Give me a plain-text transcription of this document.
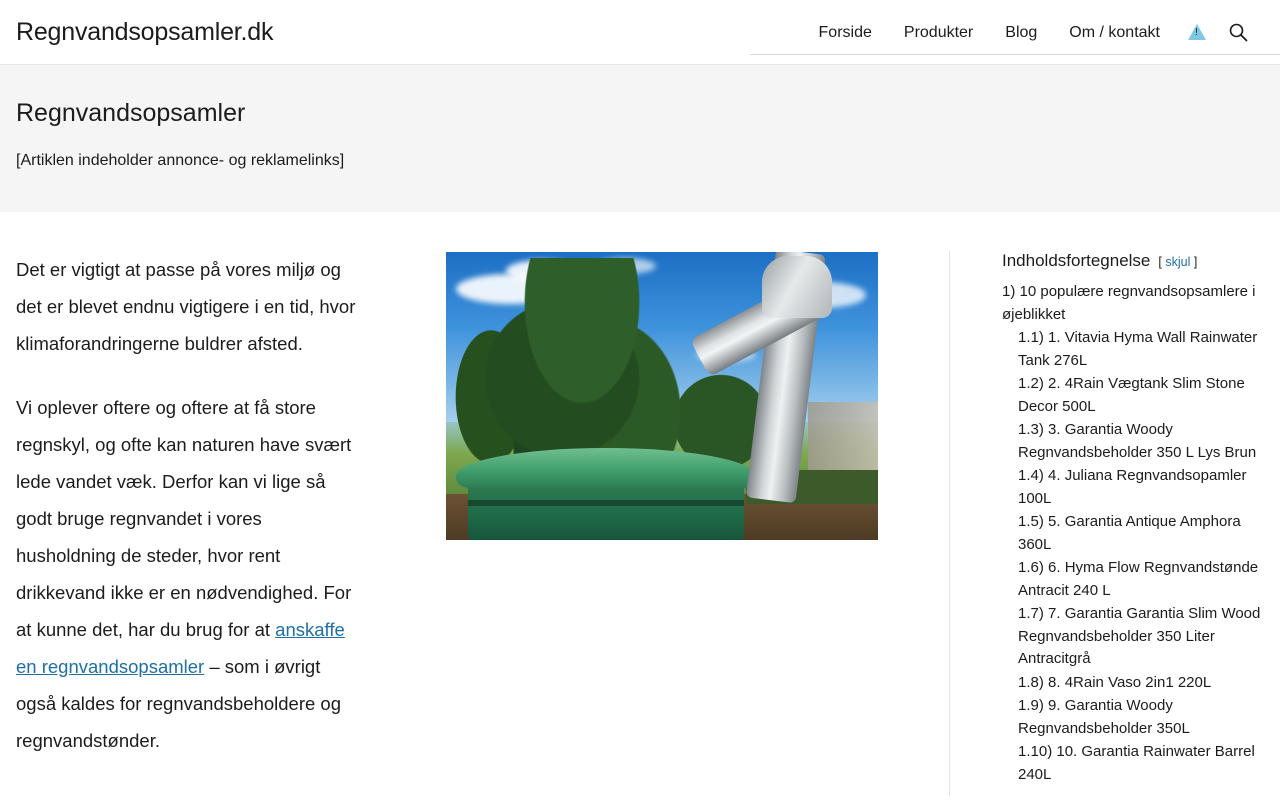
Regnvandsopsamler.dk	Forside	Produkter	Blog	Om / kontakt
!
Regnvandsopsamler
[Artiklen indeholder annonce- og reklamelinks]

Det er vigtigt at passe på vores miljø og det er blevet endnu vigtigere i en tid, hvor klimaforandringerne buldrer afsted.

Vi oplever oftere og oftere at få store regnskyl, og ofte kan naturen have svært lede vandet væk. Derfor kan vi lige så godt bruge regnvandet i vores husholdning de steder, hvor rent drikkevand ikke er en nødvendighed. For at kunne det, har du brug for at anskaffe en regnvandsopsamler – som i øvrigt også kaldes for regnvandsbeholdere og regnvandstønder.

Indholdsfortegnelse [ skjul ]
1) 10 populære regnvandsopsamlere i øjeblikket
1.1) 1. Vitavia Hyma Wall Rainwater Tank 276L
1.2) 2. 4Rain Vægtank Slim Stone Decor 500L
1.3) 3. Garantia Woody Regnvandsbeholder 350 L Lys Brun
1.4) 4. Juliana Regnvandsopamler 100L
1.5) 5. Garantia Antique Amphora 360L
1.6) 6. Hyma Flow Regnvandstønde Antracit 240 L
1.7) 7. Garantia Garantia Slim Wood Regnvandsbeholder 350 Liter Antracitgrå
1.8) 8. 4Rain Vaso 2in1 220L
1.9) 9. Garantia Woody Regnvandsbeholder 350L
1.10) 10. Garantia Rainwater Barrel 240L
